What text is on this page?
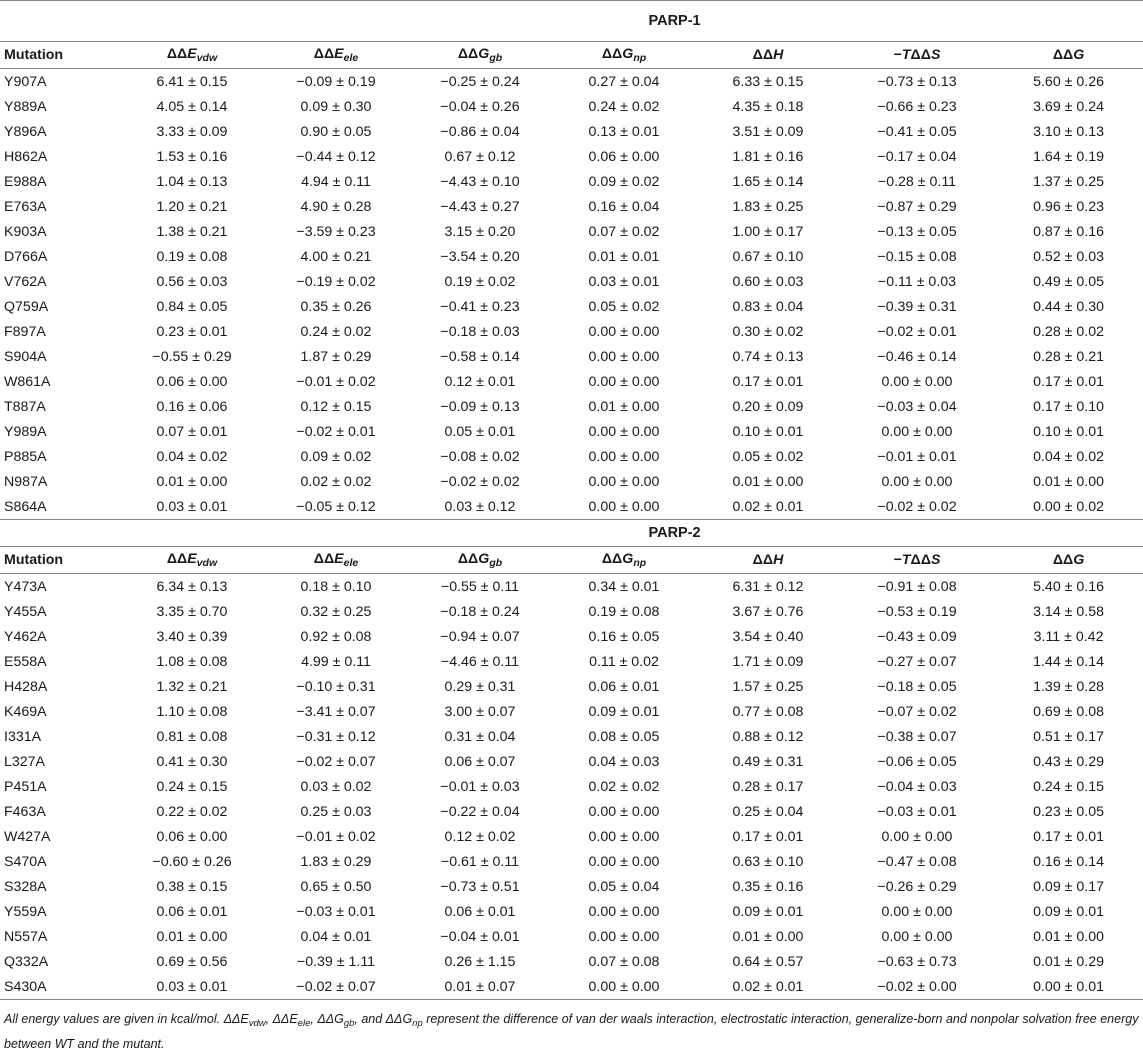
PARP-1							
Mutation	$\Delta\Delta E_{vdw}$	$\Delta\Delta E_{ele}$	$\Delta\Delta G_{gb}$	$\Delta\Delta G_{np}$	ΔΔH	−TΔΔS	ΔΔG
Y907A	6.41 ± 0.15	−0.09 ± 0.19	−0.25 ± 0.24	0.27 ± 0.04	6.33 ± 0.15	−0.73 ± 0.13	5.60 ± 0.26
Y889A	4.05 ± 0.14	0.09 ± 0.30	−0.04 ± 0.26	0.24 ± 0.02	4.35 ± 0.18	−0.66 ± 0.23	3.69 ± 0.24
Y896A	3.33 ± 0.09	0.90 ± 0.05	−0.86 ± 0.04	0.13 ± 0.01	3.51 ± 0.09	−0.41 ± 0.05	3.10 ± 0.13
H862A	1.53 ± 0.16	−0.44 ± 0.12	0.67 ± 0.12	0.06 ± 0.00	1.81 ± 0.16	−0.17 ± 0.04	1.64 ± 0.19
E988A	1.04 ± 0.13	4.94 ± 0.11	−4.43 ± 0.10	0.09 ± 0.02	1.65 ± 0.14	−0.28 ± 0.11	1.37 ± 0.25
E763A	1.20 ± 0.21	4.90 ± 0.28	−4.43 ± 0.27	0.16 ± 0.04	1.83 ± 0.25	−0.87 ± 0.29	0.96 ± 0.23
K903A	1.38 ± 0.21	−3.59 ± 0.23	3.15 ± 0.20	0.07 ± 0.02	1.00 ± 0.17	−0.13 ± 0.05	0.87 ± 0.16
D766A	0.19 ± 0.08	4.00 ± 0.21	−3.54 ± 0.20	0.01 ± 0.01	0.67 ± 0.10	−0.15 ± 0.08	0.52 ± 0.03
V762A	0.56 ± 0.03	−0.19 ± 0.02	0.19 ± 0.02	0.03 ± 0.01	0.60 ± 0.03	−0.11 ± 0.03	0.49 ± 0.05
Q759A	0.84 ± 0.05	0.35 ± 0.26	−0.41 ± 0.23	0.05 ± 0.02	0.83 ± 0.04	−0.39 ± 0.31	0.44 ± 0.30
F897A	0.23 ± 0.01	0.24 ± 0.02	−0.18 ± 0.03	0.00 ± 0.00	0.30 ± 0.02	−0.02 ± 0.01	0.28 ± 0.02
S904A	−0.55 ± 0.29	1.87 ± 0.29	−0.58 ± 0.14	0.00 ± 0.00	0.74 ± 0.13	−0.46 ± 0.14	0.28 ± 0.21
W861A	0.06 ± 0.00	−0.01 ± 0.02	0.12 ± 0.01	0.00 ± 0.00	0.17 ± 0.01	0.00 ± 0.00	0.17 ± 0.01
T887A	0.16 ± 0.06	0.12 ± 0.15	−0.09 ± 0.13	0.01 ± 0.00	0.20 ± 0.09	−0.03 ± 0.04	0.17 ± 0.10
Y989A	0.07 ± 0.01	−0.02 ± 0.01	0.05 ± 0.01	0.00 ± 0.00	0.10 ± 0.01	0.00 ± 0.00	0.10 ± 0.01
P885A	0.04 ± 0.02	0.09 ± 0.02	−0.08 ± 0.02	0.00 ± 0.00	0.05 ± 0.02	−0.01 ± 0.01	0.04 ± 0.02
N987A	0.01 ± 0.00	0.02 ± 0.02	−0.02 ± 0.02	0.00 ± 0.00	0.01 ± 0.00	0.00 ± 0.00	0.01 ± 0.00
S864A	0.03 ± 0.01	−0.05 ± 0.12	0.03 ± 0.12	0.00 ± 0.00	0.02 ± 0.01	−0.02 ± 0.02	0.00 ± 0.02
PARP-2							
Mutation	$\Delta\Delta E_{vdw}$	$\Delta\Delta E_{ele}$	$\Delta\Delta G_{gb}$	$\Delta\Delta G_{np}$	ΔΔH	−TΔΔS	ΔΔG
Y473A	6.34 ± 0.13	0.18 ± 0.10	−0.55 ± 0.11	0.34 ± 0.01	6.31 ± 0.12	−0.91 ± 0.08	5.40 ± 0.16
Y455A	3.35 ± 0.70	0.32 ± 0.25	−0.18 ± 0.24	0.19 ± 0.08	3.67 ± 0.76	−0.53 ± 0.19	3.14 ± 0.58
Y462A	3.40 ± 0.39	0.92 ± 0.08	−0.94 ± 0.07	0.16 ± 0.05	3.54 ± 0.40	−0.43 ± 0.09	3.11 ± 0.42
E558A	1.08 ± 0.08	4.99 ± 0.11	−4.46 ± 0.11	0.11 ± 0.02	1.71 ± 0.09	−0.27 ± 0.07	1.44 ± 0.14
H428A	1.32 ± 0.21	−0.10 ± 0.31	0.29 ± 0.31	0.06 ± 0.01	1.57 ± 0.25	−0.18 ± 0.05	1.39 ± 0.28
K469A	1.10 ± 0.08	−3.41 ± 0.07	3.00 ± 0.07	0.09 ± 0.01	0.77 ± 0.08	−0.07 ± 0.02	0.69 ± 0.08
I331A	0.81 ± 0.08	−0.31 ± 0.12	0.31 ± 0.04	0.08 ± 0.05	0.88 ± 0.12	−0.38 ± 0.07	0.51 ± 0.17
L327A	0.41 ± 0.30	−0.02 ± 0.07	0.06 ± 0.07	0.04 ± 0.03	0.49 ± 0.31	−0.06 ± 0.05	0.43 ± 0.29
P451A	0.24 ± 0.15	0.03 ± 0.02	−0.01 ± 0.03	0.02 ± 0.02	0.28 ± 0.17	−0.04 ± 0.03	0.24 ± 0.15
F463A	0.22 ± 0.02	0.25 ± 0.03	−0.22 ± 0.04	0.00 ± 0.00	0.25 ± 0.04	−0.03 ± 0.01	0.23 ± 0.05
W427A	0.06 ± 0.00	−0.01 ± 0.02	0.12 ± 0.02	0.00 ± 0.00	0.17 ± 0.01	0.00 ± 0.00	0.17 ± 0.01
S470A	−0.60 ± 0.26	1.83 ± 0.29	−0.61 ± 0.11	0.00 ± 0.00	0.63 ± 0.10	−0.47 ± 0.08	0.16 ± 0.14
S328A	0.38 ± 0.15	0.65 ± 0.50	−0.73 ± 0.51	0.05 ± 0.04	0.35 ± 0.16	−0.26 ± 0.29	0.09 ± 0.17
Y559A	0.06 ± 0.01	−0.03 ± 0.01	0.06 ± 0.01	0.00 ± 0.00	0.09 ± 0.01	0.00 ± 0.00	0.09 ± 0.01
N557A	0.01 ± 0.00	0.04 ± 0.01	−0.04 ± 0.01	0.00 ± 0.00	0.01 ± 0.00	0.00 ± 0.00	0.01 ± 0.00
Q332A	0.69 ± 0.56	−0.39 ± 1.11	0.26 ± 1.15	0.07 ± 0.08	0.64 ± 0.57	−0.63 ± 0.73	0.01 ± 0.29
S430A	0.03 ± 0.01	−0.02 ± 0.07	0.01 ± 0.07	0.00 ± 0.00	0.02 ± 0.01	−0.02 ± 0.00	0.00 ± 0.01
All energy values are given in kcal/mol. $\Delta\Delta E_{vdw}$, $\Delta\Delta E_{ele}$, $\Delta\Delta G_{gb}$, and $\Delta\Delta G_{np}$ represent the difference of van der waals interaction, electrostatic interaction, generalize-born and nonpolar solvation free energy between WT and the mutant.
